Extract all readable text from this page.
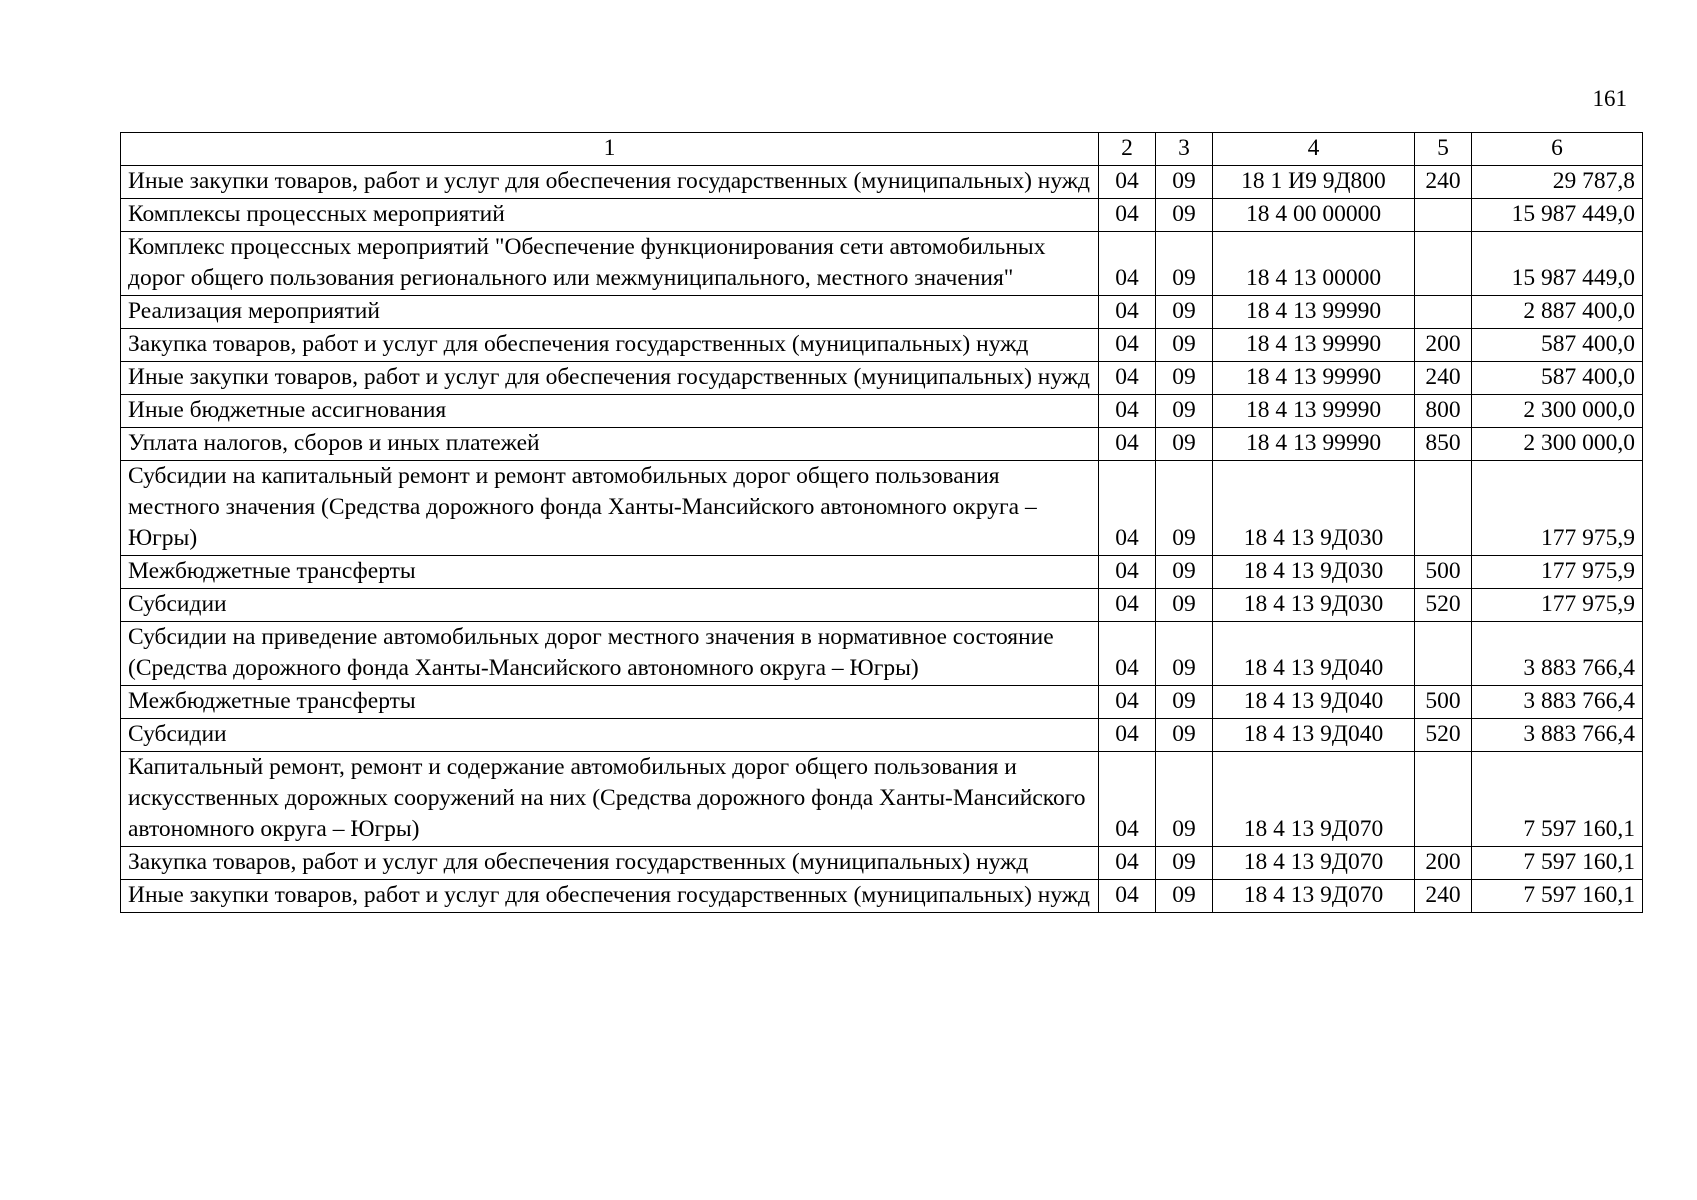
161
1	2	3	4	5	6
Иные закупки товаров, работ и услуг для обеспечения государственных (муниципальных) нужд	04	09	18 1 И9 9Д800	240	29 787,8
Комплексы процессных мероприятий	04	09	18 4 00 00000		15 987 449,0
Комплекс процессных мероприятий "Обеспечение функционирования сети автомобильных дорог общего пользования регионального или межмуниципального, местного значения"	04	09	18 4 13 00000		15 987 449,0
Реализация мероприятий	04	09	18 4 13 99990		2 887 400,0
Закупка товаров, работ и услуг для обеспечения государственных (муниципальных) нужд	04	09	18 4 13 99990	200	587 400,0
Иные закупки товаров, работ и услуг для обеспечения государственных (муниципальных) нужд	04	09	18 4 13 99990	240	587 400,0
Иные бюджетные ассигнования	04	09	18 4 13 99990	800	2 300 000,0
Уплата налогов, сборов и иных платежей	04	09	18 4 13 99990	850	2 300 000,0
Субсидии на капитальный ремонт и ремонт автомобильных дорог общего пользования местного значения (Средства дорожного фонда Ханты-Мансийского автономного округа – Югры)	04	09	18 4 13 9Д030		177 975,9
Межбюджетные трансферты	04	09	18 4 13 9Д030	500	177 975,9
Субсидии	04	09	18 4 13 9Д030	520	177 975,9
Субсидии на приведение автомобильных дорог местного значения в нормативное состояние (Средства дорожного фонда Ханты-Мансийского автономного округа – Югры)	04	09	18 4 13 9Д040		3 883 766,4
Межбюджетные трансферты	04	09	18 4 13 9Д040	500	3 883 766,4
Субсидии	04	09	18 4 13 9Д040	520	3 883 766,4
Капитальный ремонт, ремонт и содержание автомобильных дорог общего пользования и искусственных дорожных сооружений на них (Средства дорожного фонда Ханты-Мансийского автономного округа – Югры)	04	09	18 4 13 9Д070		7 597 160,1
Закупка товаров, работ и услуг для обеспечения государственных (муниципальных) нужд	04	09	18 4 13 9Д070	200	7 597 160,1
Иные закупки товаров, работ и услуг для обеспечения государственных (муниципальных) нужд	04	09	18 4 13 9Д070	240	7 597 160,1
